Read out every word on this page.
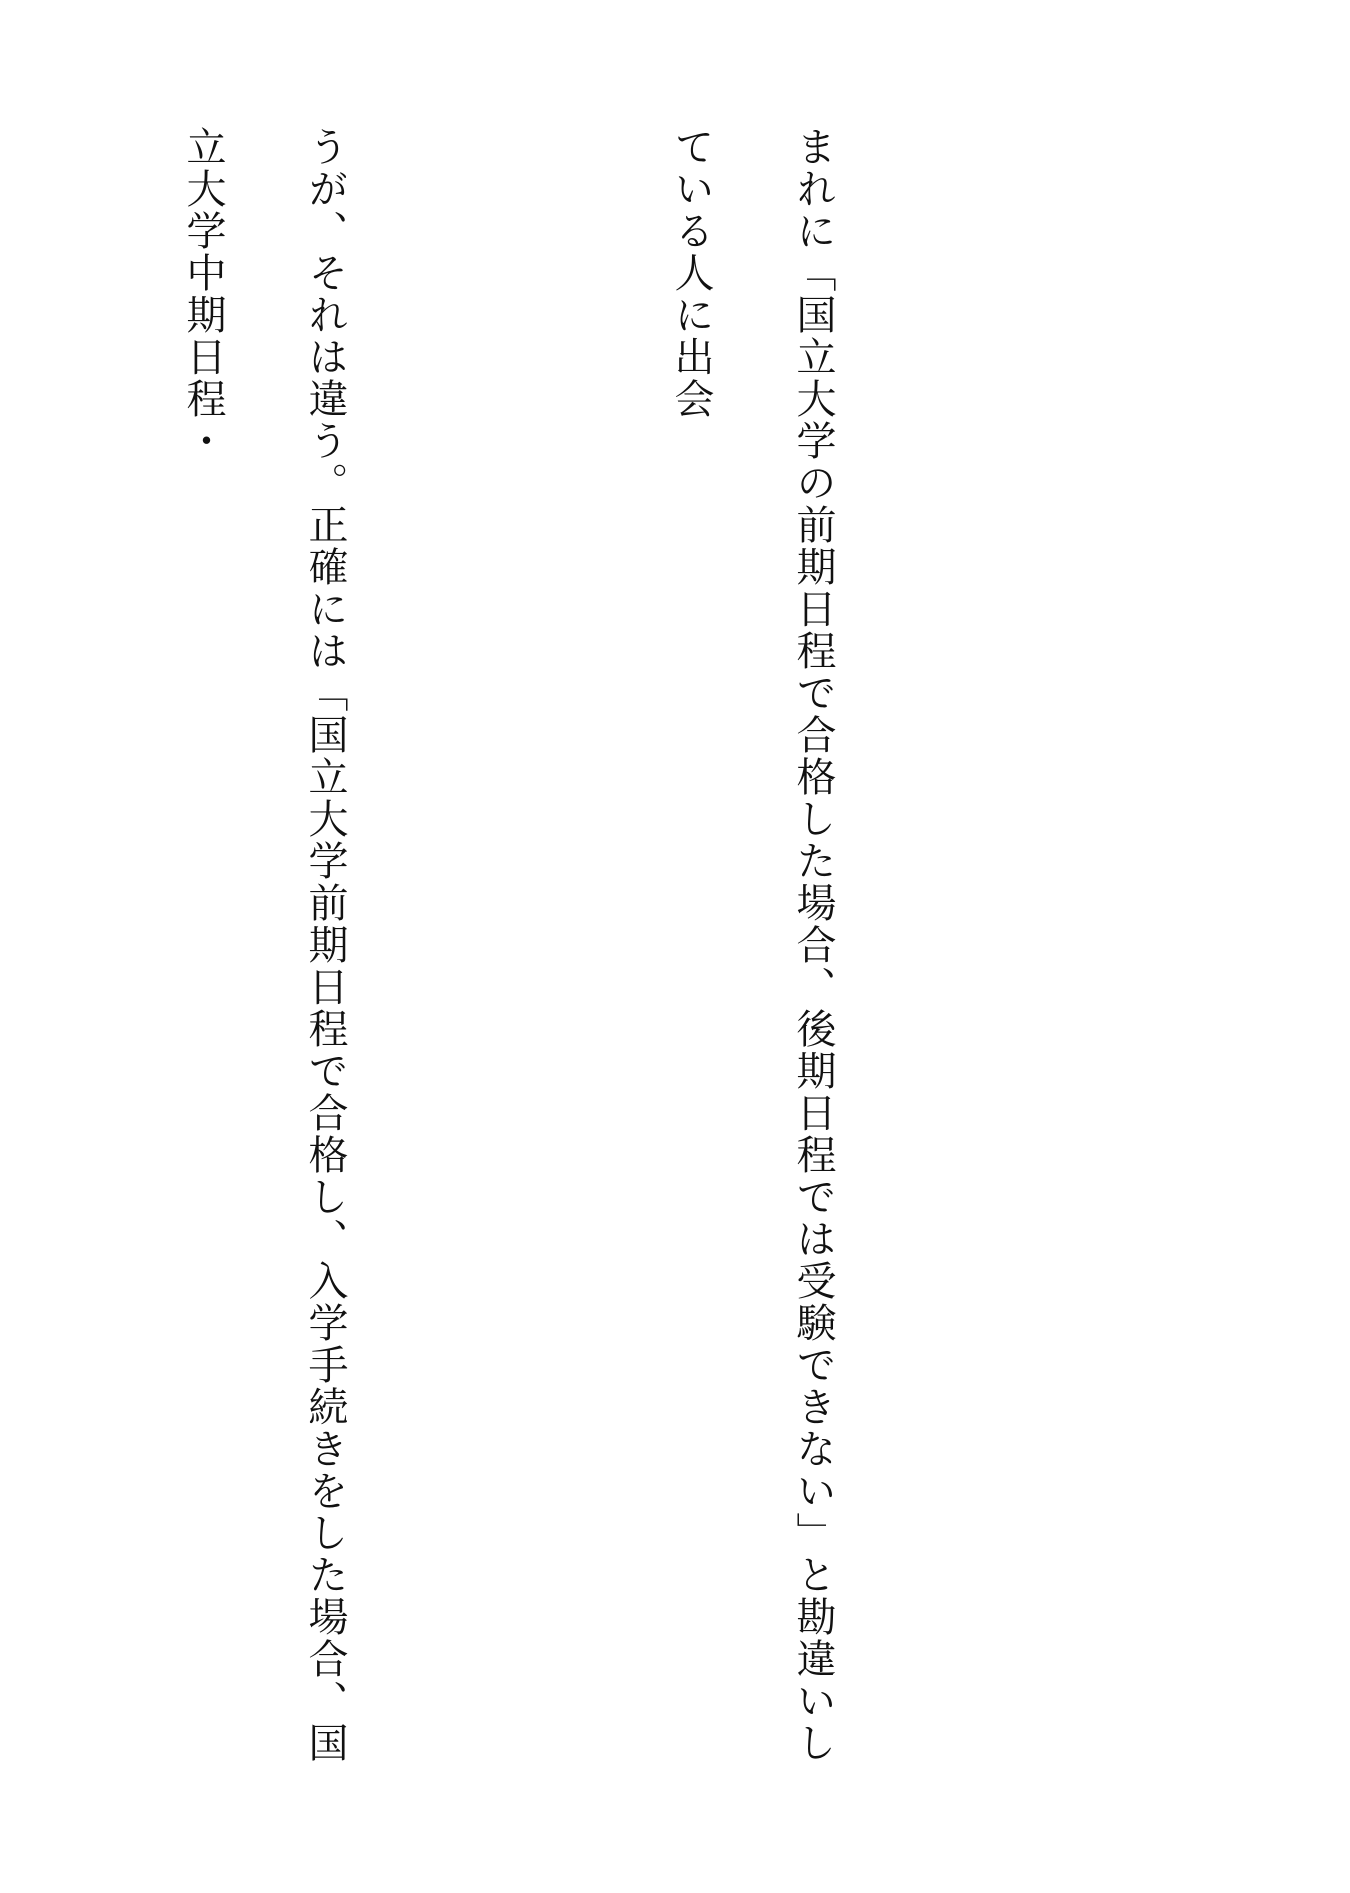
まれに「国立大学の前期日程で合格した場合、後期日程では受験できない」と勘違いしている人に出会

うが、それは違う。正確には「国立大学前期日程で合格し、入学手続きをした場合、国立大学中期日程・
